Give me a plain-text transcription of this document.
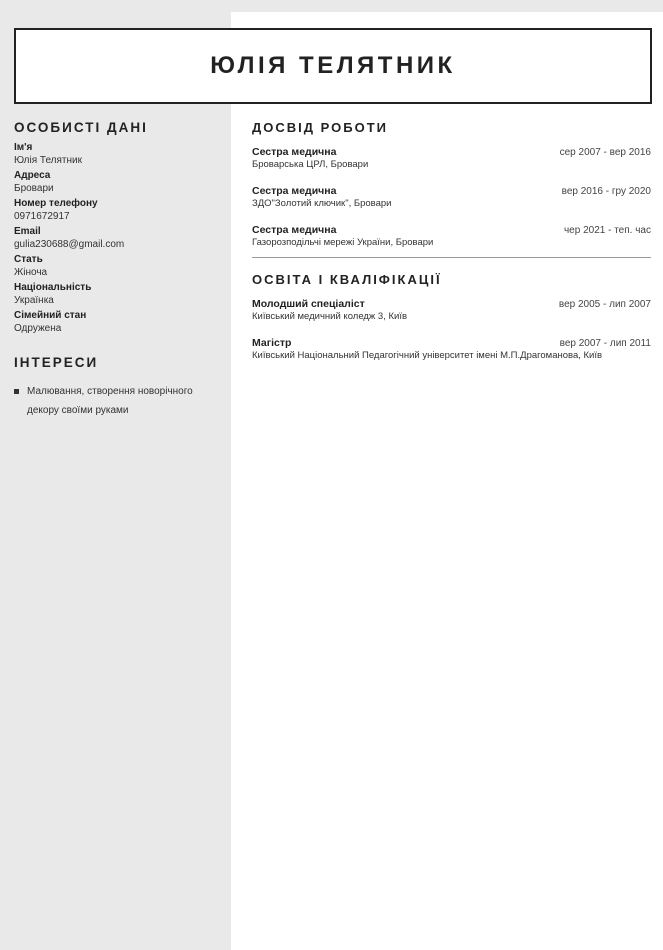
ЮЛІЯ ТЕЛЯТНИК
ОСОБИСТІ ДАНІ
Ім'я
Юлія Телятник
Адреса
Бровари
Номер телефону
0971672917
Email
gulia230688@gmail.com
Стать
Жіноча
Національність
Українка
Сімейний стан
Одружена
ІНТЕРЕСИ
Малювання, створення новорічного декору своїми руками
ДОСВІД РОБОТИ
Сестра медична	сер 2007 - вер 2016
Броварська ЦРЛ, Бровари
Сестра медична	вер 2016 - гру 2020
ЗДО"Золотий ключик", Бровари
Сестра медична	чер 2021 - теп. час
Газорозподільчі мережі України, Бровари
ОСВІТА І КВАЛІФІКАЦІЇ
Молодший спеціаліст	вер 2005 - лип 2007
Київський медичний коледж 3, Київ
Магістр	вер 2007 - лип 2011
Київський Національний Педагогічний університет імені М.П.Драгоманова, Київ
